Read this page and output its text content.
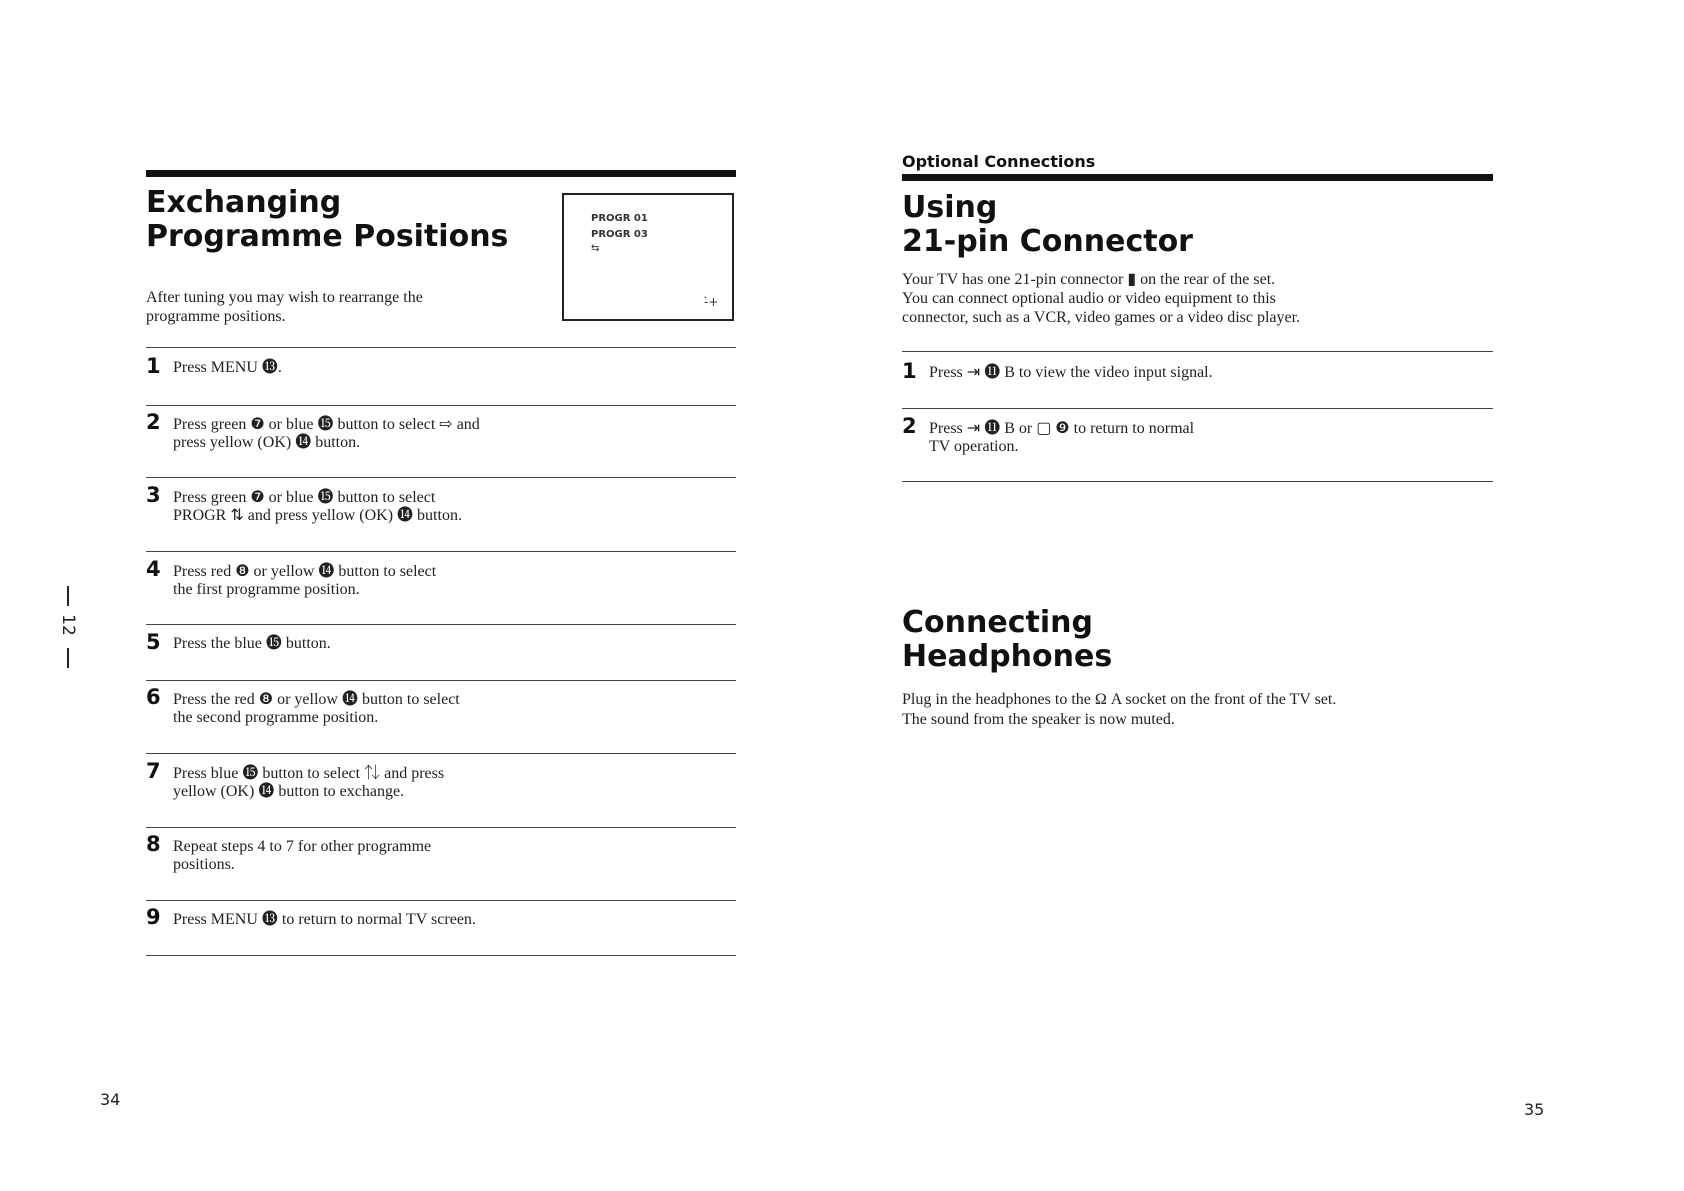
Exchanging
Programme Positions
After tuning you may wish to rearrange the
programme positions.
PROGR 01
PROGR 03
⇆
-̇+
1 Press MENU ⓭.
2 Press green ❼ or blue ⓯ button to select ⇨ and
press yellow (OK) ⓮ button.
3 Press green ❼ or blue ⓯ button to select
PROGR ⇅ and press yellow (OK) ⓮ button.
4 Press red ❽ or yellow ⓮ button to select
the first programme position.
5 Press the blue ⓯ button.
6 Press the red ❽ or yellow ⓮ button to select
the second programme position.
7 Press blue ⓯ button to select ⇅ and press
yellow (OK) ⓮ button to exchange.
8 Repeat steps 4 to 7 for other programme
positions.
9 Press MENU ⓭ to return to normal TV screen.
12
34
Optional Connections
Using
21-pin Connector
Your TV has one 21-pin connector ▮ on the rear of the set.
You can connect optional audio or video equipment to this
connector, such as a VCR, video games or a video disc player.
1 Press ⇥ ⓫ B to view the video input signal.
2 Press ⇥ ⓫ B or ▢ ❾ to return to normal
TV operation.
Connecting
Headphones
Plug in the headphones to the Ω A socket on the front of the TV set.
The sound from the speaker is now muted.
35
